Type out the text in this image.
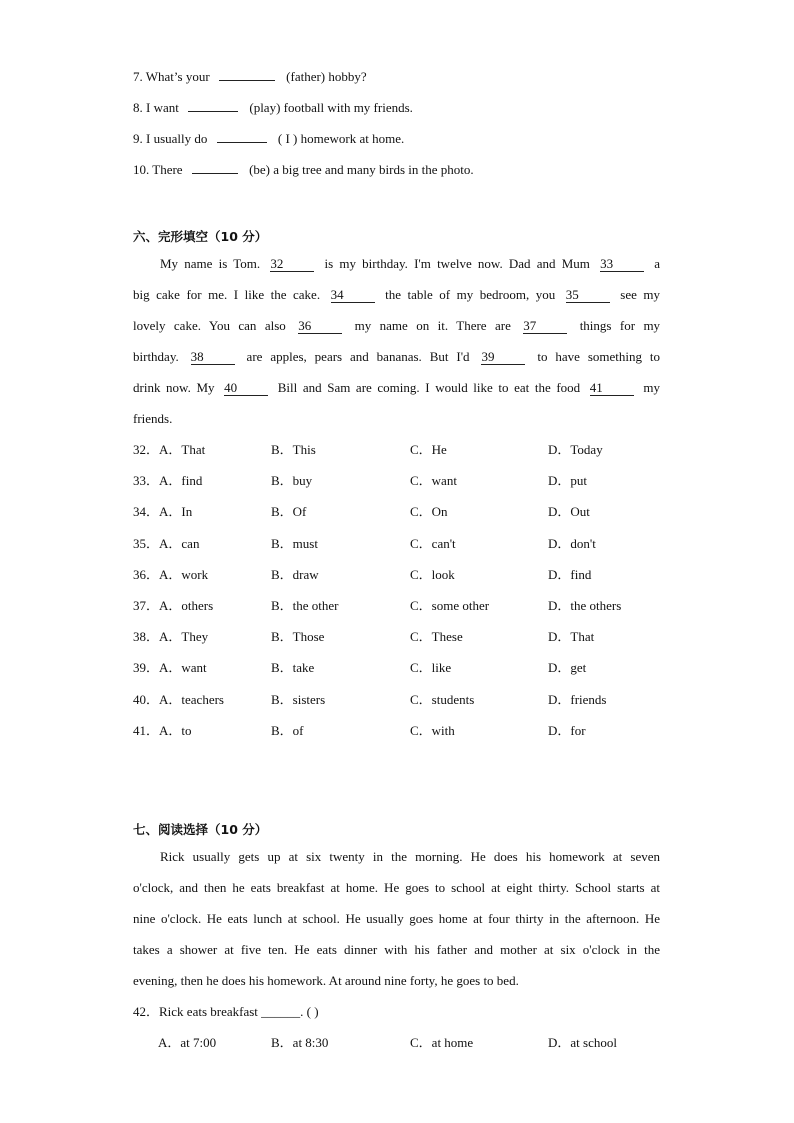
7. What’s your	(father) hobby?
8. I want	(play) football with my friends.
9. I usually do	( I ) homework at home.
10. There	(be) a big tree and many birds in the photo.
六、完形填空（10 分）
My name is Tom. 32	is my birthday. I'm twelve now. Dad and Mum 33	a
big cake for me. I like the cake. 34	the table of my bedroom, you 35	see my
lovely cake. You can also 36	my name on it. There are 37	things for my
birthday. 38	are apples, pears and bananas. But I'd 39	to have something to
drink now. My 40	Bill and Sam are coming. I would like to eat the food 41	my
friends.
32．A．That	B．This	C．He	D．Today
33．A．find	B．buy	C．want	D．put
34．A．In	B．Of	C．On	D．Out
35．A．can	B．must	C．can't	D．don't
36．A．work	B．draw	C．look	D．find
37．A．others	B．the other	C．some other	D．the others
38．A．They	B．Those	C．These	D．That
39．A．want	B．take	C．like	D．get
40．A．teachers	B．sisters	C．students	D．friends
41．A．to	B．of	C．with	D．for
七、阅读选择（10 分）
Rick usually gets up at six twenty in the morning. He does his homework at seven
o'clock, and then he eats breakfast at home. He goes to school at eight thirty. School starts at
nine o'clock. He eats lunch at school. He usually goes home at four thirty in the afternoon. He
takes a shower at five ten. He eats dinner with his father and mother at six o'clock in the
evening, then he does his homework. At around nine forty, he goes to bed.
42．Rick eats breakfast ______. ( )
A．at 7:00	B．at 8:30	C．at home	D．at school
